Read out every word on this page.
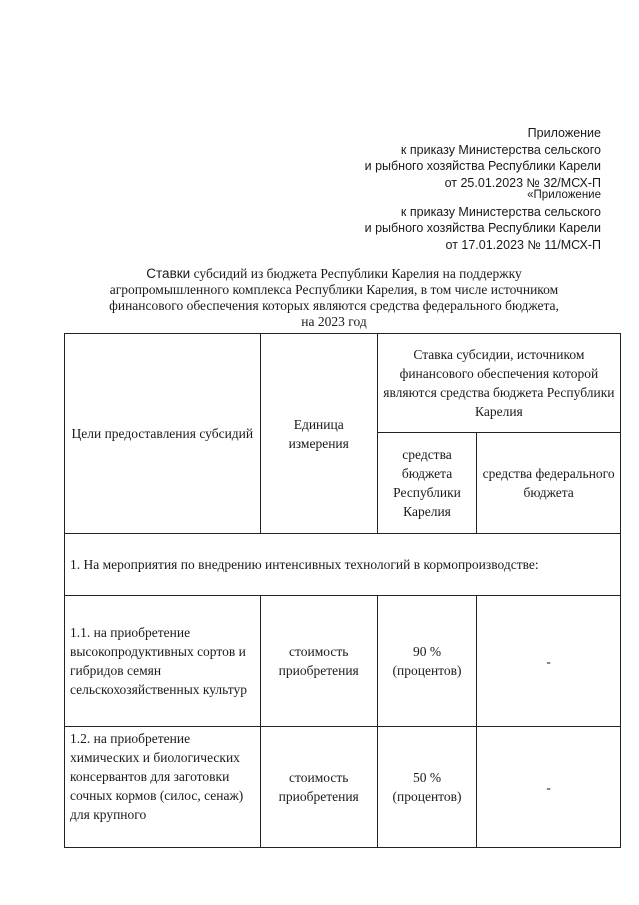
Приложение
к приказу Министерства сельского
и рыбного хозяйства Республики Карели
от 25.01.2023 № 32/МСХ-П
«Приложение
к приказу Министерства сельского
и рыбного хозяйства Республики Карели
от 17.01.2023 № 11/МСХ-П
Ставки субсидий из бюджета Республики Карелия на поддержку
агропромышленного комплекса Республики Карелия, в том числе источником
финансового обеспечения которых являются средства федерального бюджета,
на 2023 год
Цели предоставления субсидий	Единица измерения	Ставка субсидии, источником финансового обеспечения которой являются средства бюджета Республики Карелия	
		средства бюджета Республики Карелия	средства федерального бюджета
1. На мероприятия по внедрению интенсивных технологий в кормопроизводстве:			
1.1. на приобретение высокопродуктивных сортов и гибридов семян сельскохозяйственных культур	стоимость приобретения	90 % (процентов)	-
1.2. на приобретение химических и биологических консервантов для заготовки сочных кормов (силос, сенаж) для крупного	стоимость приобретения	50 % (процентов)	-
